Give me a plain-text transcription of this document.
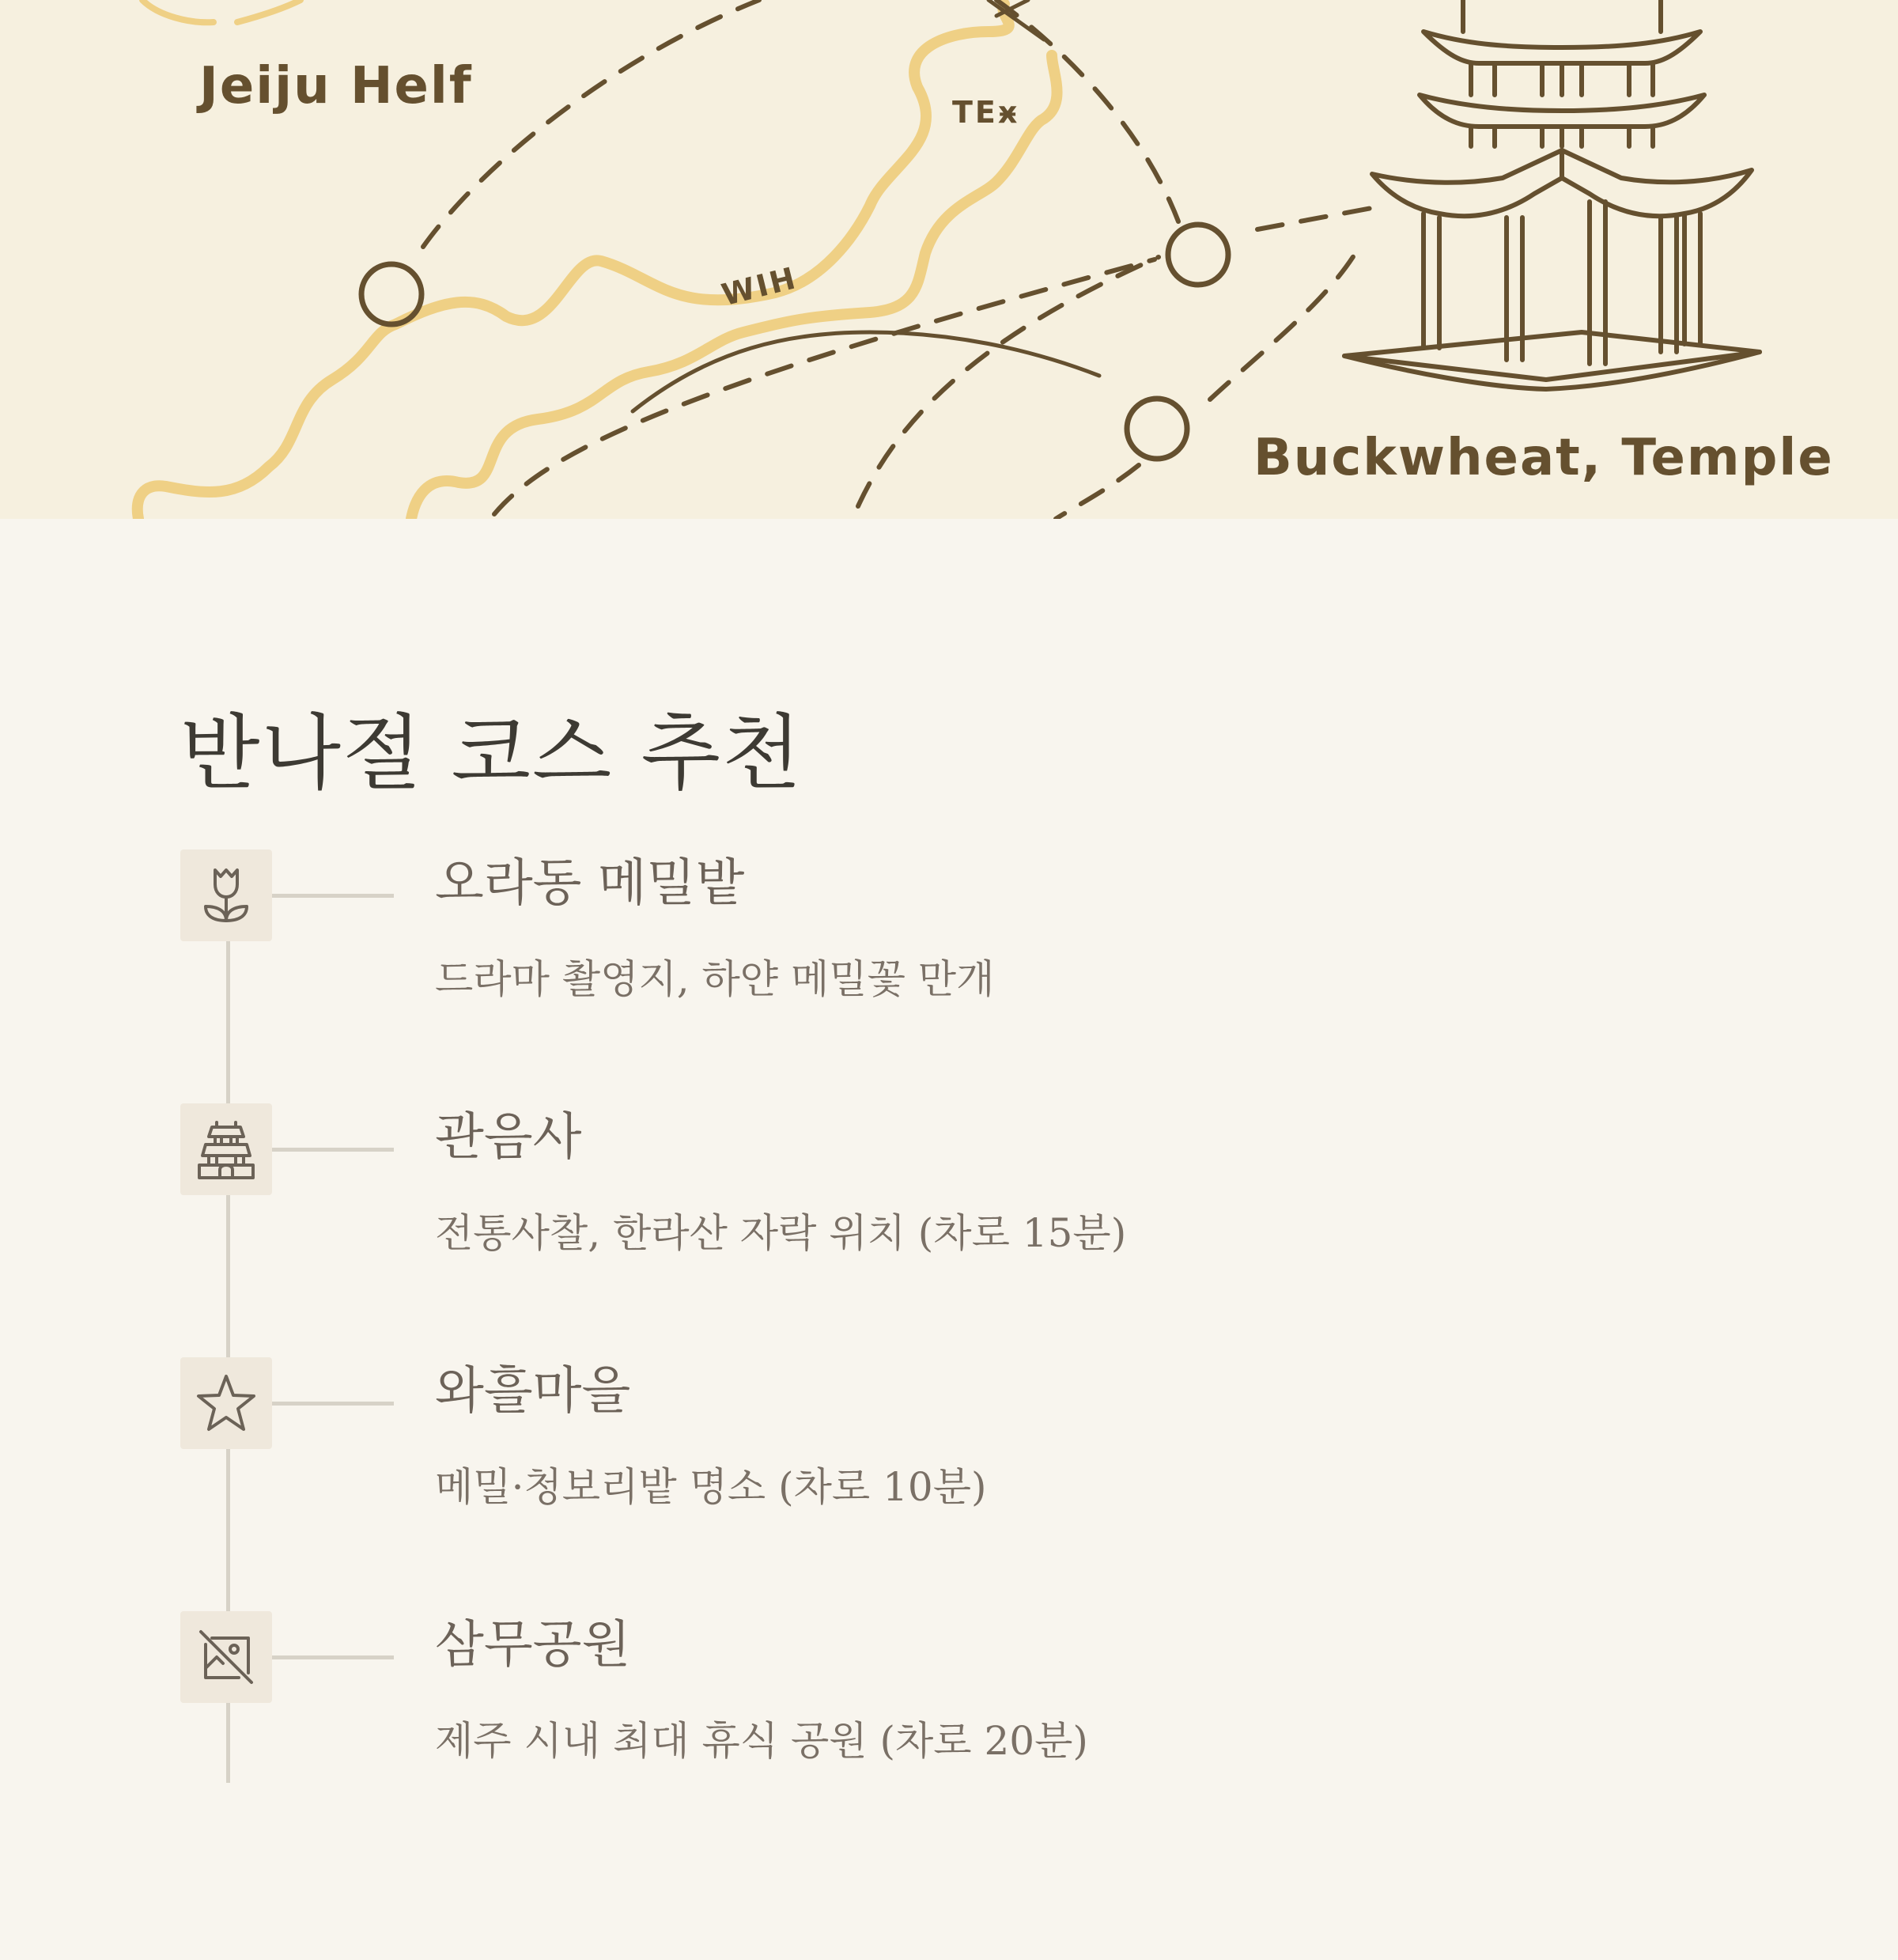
Jeiju Helf
Buckwheat, Temple
TEӿ
WIH
반나절 코스 추천
오라동 메밀밭
드라마 촬영지, 하얀 메밀꽃 만개
관음사
전통사찰, 한라산 자락 위치 (차로 15분)
와흘마을
메밀·청보리밭 명소 (차로 10분)
삼무공원
제주 시내 최대 휴식 공원 (차로 20분)
